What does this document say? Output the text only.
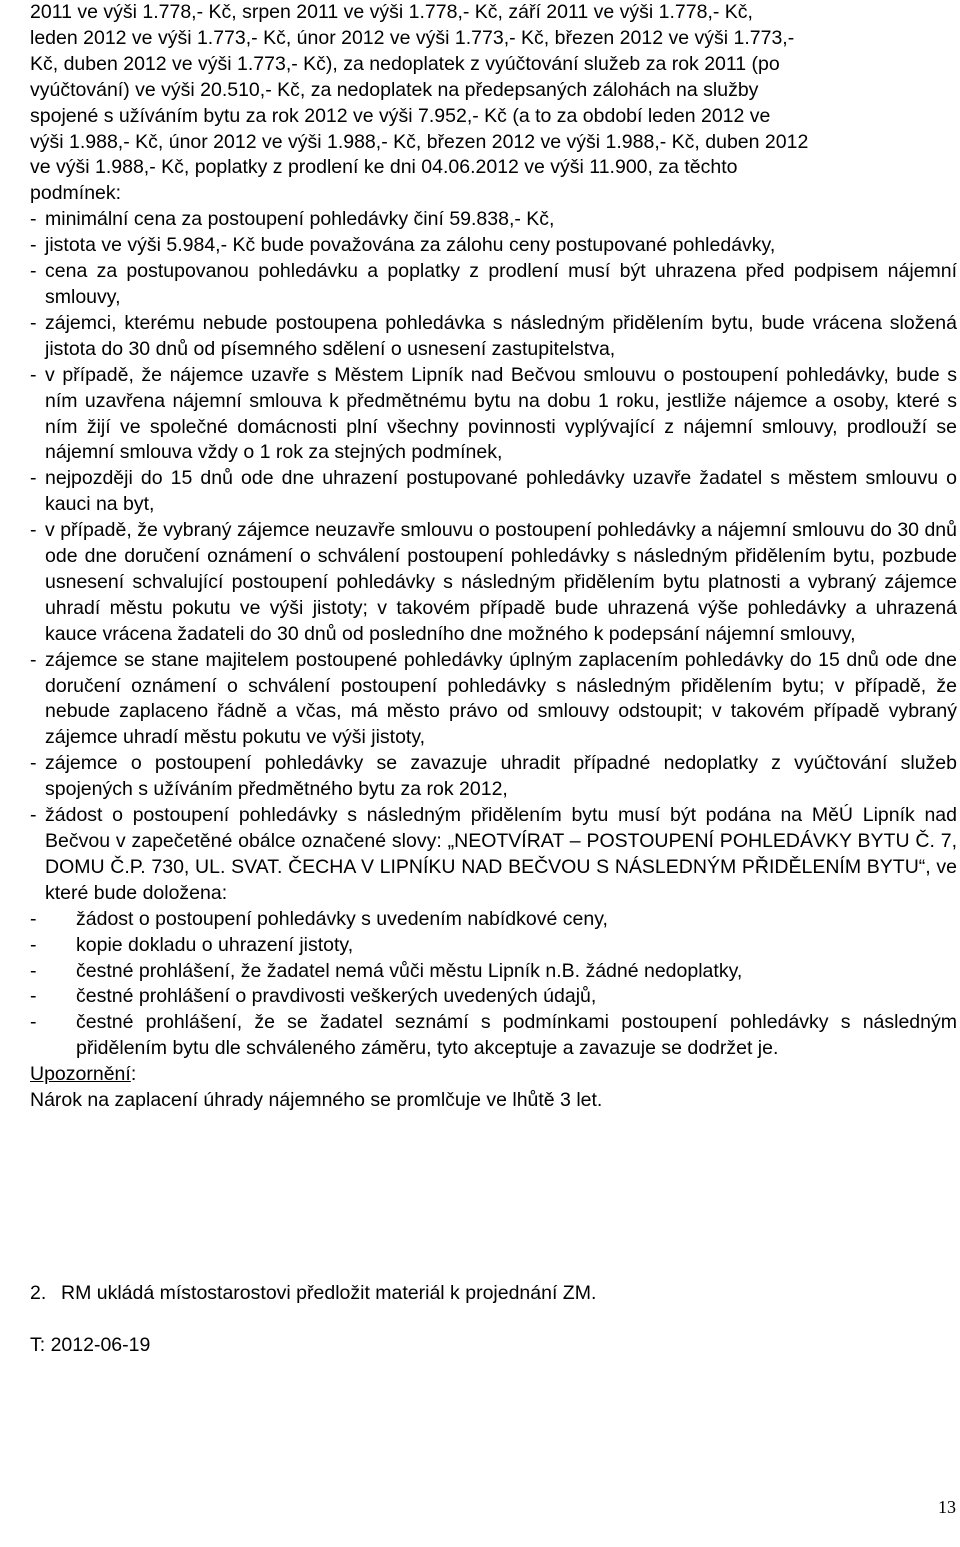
2011 ve výši 1.778,- Kč, srpen 2011 ve výši 1.778,- Kč, září 2011 ve výši 1.778,- Kč,
leden 2012 ve výši 1.773,- Kč, únor 2012 ve výši 1.773,- Kč, březen 2012 ve výši 1.773,-
Kč, duben 2012 ve výši 1.773,- Kč), za nedoplatek z vyúčtování služeb za rok 2011 (po
vyúčtování) ve výši 20.510,- Kč, za nedoplatek na předepsaných zálohách na služby
spojené s užíváním bytu za rok 2012 ve výši 7.952,- Kč (a to za období leden 2012 ve
výši 1.988,- Kč, únor 2012 ve výši 1.988,- Kč, březen 2012 ve výši 1.988,- Kč, duben 2012
ve výši 1.988,- Kč, poplatky z prodlení ke dni 04.06.2012 ve výši 11.900, za těchto
podmínek:
- minimální cena za postoupení pohledávky činí 59.838,- Kč,
- jistota ve výši 5.984,- Kč bude považována za zálohu ceny postupované pohledávky,
- cena za postupovanou pohledávku a poplatky z prodlení musí být uhrazena před podpisem nájemní smlouvy,
- zájemci, kterému nebude postoupena pohledávka s následným přidělením bytu, bude vrácena složená jistota do 30 dnů od písemného sdělení o usnesení zastupitelstva,
- v případě, že nájemce uzavře s Městem Lipník nad Bečvou smlouvu o postoupení pohledávky, bude s ním uzavřena nájemní smlouva k předmětnému bytu na dobu 1 roku, jestliže nájemce a osoby, které s ním žijí ve společné domácnosti plní všechny povinnosti vyplývající z nájemní smlouvy, prodlouží se nájemní smlouva vždy o 1 rok za stejných podmínek,
- nejpozději do 15 dnů ode dne uhrazení postupované pohledávky uzavře žadatel s městem smlouvu o kauci na byt,
- v případě, že vybraný zájemce neuzavře smlouvu o postoupení pohledávky a nájemní smlouvu do 30 dnů ode dne doručení oznámení o schválení postoupení pohledávky s následným přidělením bytu, pozbude usnesení schvalující postoupení pohledávky s následným přidělením bytu platnosti a vybraný zájemce uhradí městu pokutu ve výši jistoty; v takovém případě bude uhrazená výše pohledávky a uhrazená kauce vrácena žadateli do 30 dnů od posledního dne možného k podepsání nájemní smlouvy,
- zájemce se stane majitelem postoupené pohledávky úplným zaplacením pohledávky do 15 dnů ode dne doručení oznámení o schválení postoupení pohledávky s následným přidělením bytu; v případě, že nebude zaplaceno řádně a včas, má město právo od smlouvy odstoupit; v takovém případě vybraný zájemce uhradí městu pokutu ve výši jistoty,
- zájemce o postoupení pohledávky se zavazuje uhradit případné nedoplatky z vyúčtování služeb spojených s užíváním předmětného bytu za rok 2012,
- žádost o postoupení pohledávky s následným přidělením bytu musí být podána na MěÚ Lipník nad Bečvou v zapečetěné obálce označené slovy: „NEOTVÍRAT – POSTOUPENÍ POHLEDÁVKY BYTU Č. 7, DOMU Č.P. 730, UL. SVAT. ČECHA V LIPNÍKU NAD BEČVOU S NÁSLEDNÝM PŘIDĚLENÍM BYTU“, ve které bude doložena:
-	žádost o postoupení pohledávky s uvedením nabídkové ceny,
-	kopie dokladu o uhrazení jistoty,
-	čestné prohlášení, že žadatel nemá vůči městu Lipník n.B. žádné nedoplatky,
-	čestné prohlášení o pravdivosti veškerých uvedených údajů,
-	čestné prohlášení, že se žadatel seznámí s podmínkami postoupení pohledávky s následným přidělením bytu dle schváleného záměru, tyto akceptuje a zavazuje se dodržet je.

Upozornění:

Nárok na zaplacení úhrady nájemného se promlčuje ve lhůtě 3 let.

2. RM ukládá místostarostovi předložit materiál k projednání ZM.
T: 2012-06-19
13
